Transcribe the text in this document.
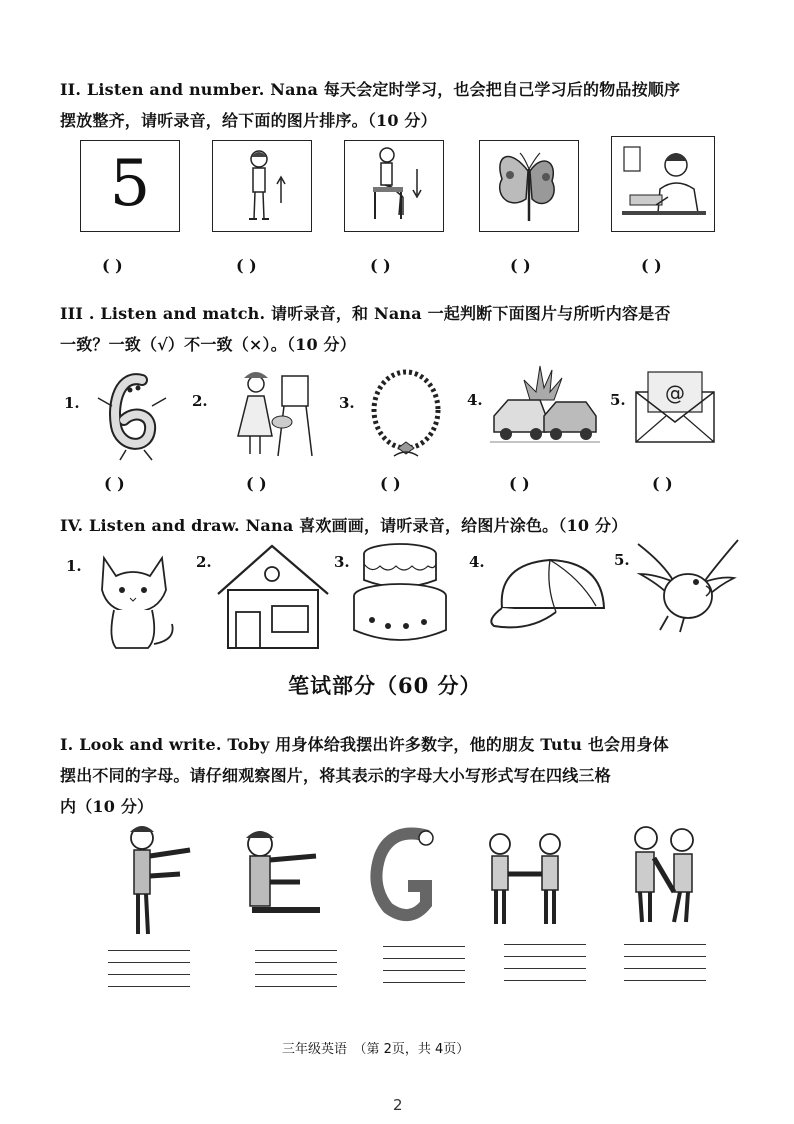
II. Listen and number. Nana 每天会定时学习，也会把自己学习后的物品按顺序
摆放整齐，请听录音，给下面的图片排序。（10 分）
5
( )	( )	( )	( )	( )
III . Listen and match. 请听录音，和 Nana 一起判断下面图片与所听内容是否
一致？一致（√）不一致（×）。（10 分）
1.	2.	3.	4.	5. @
( )	( )	( )	( )	( )
IV. Listen and draw. Nana 喜欢画画，请听录音，给图片涂色。（10 分）
1.	2.	3.	4.	5.
笔试部分（60 分）
I. Look and write. Toby 用身体给我摆出许多数字，他的朋友 Tutu 也会用身体
摆出不同的字母。请仔细观察图片，将其表示的字母大小写形式写在四线三格
内（10 分）
三年级英语　（第 2页，共 4页）
2
